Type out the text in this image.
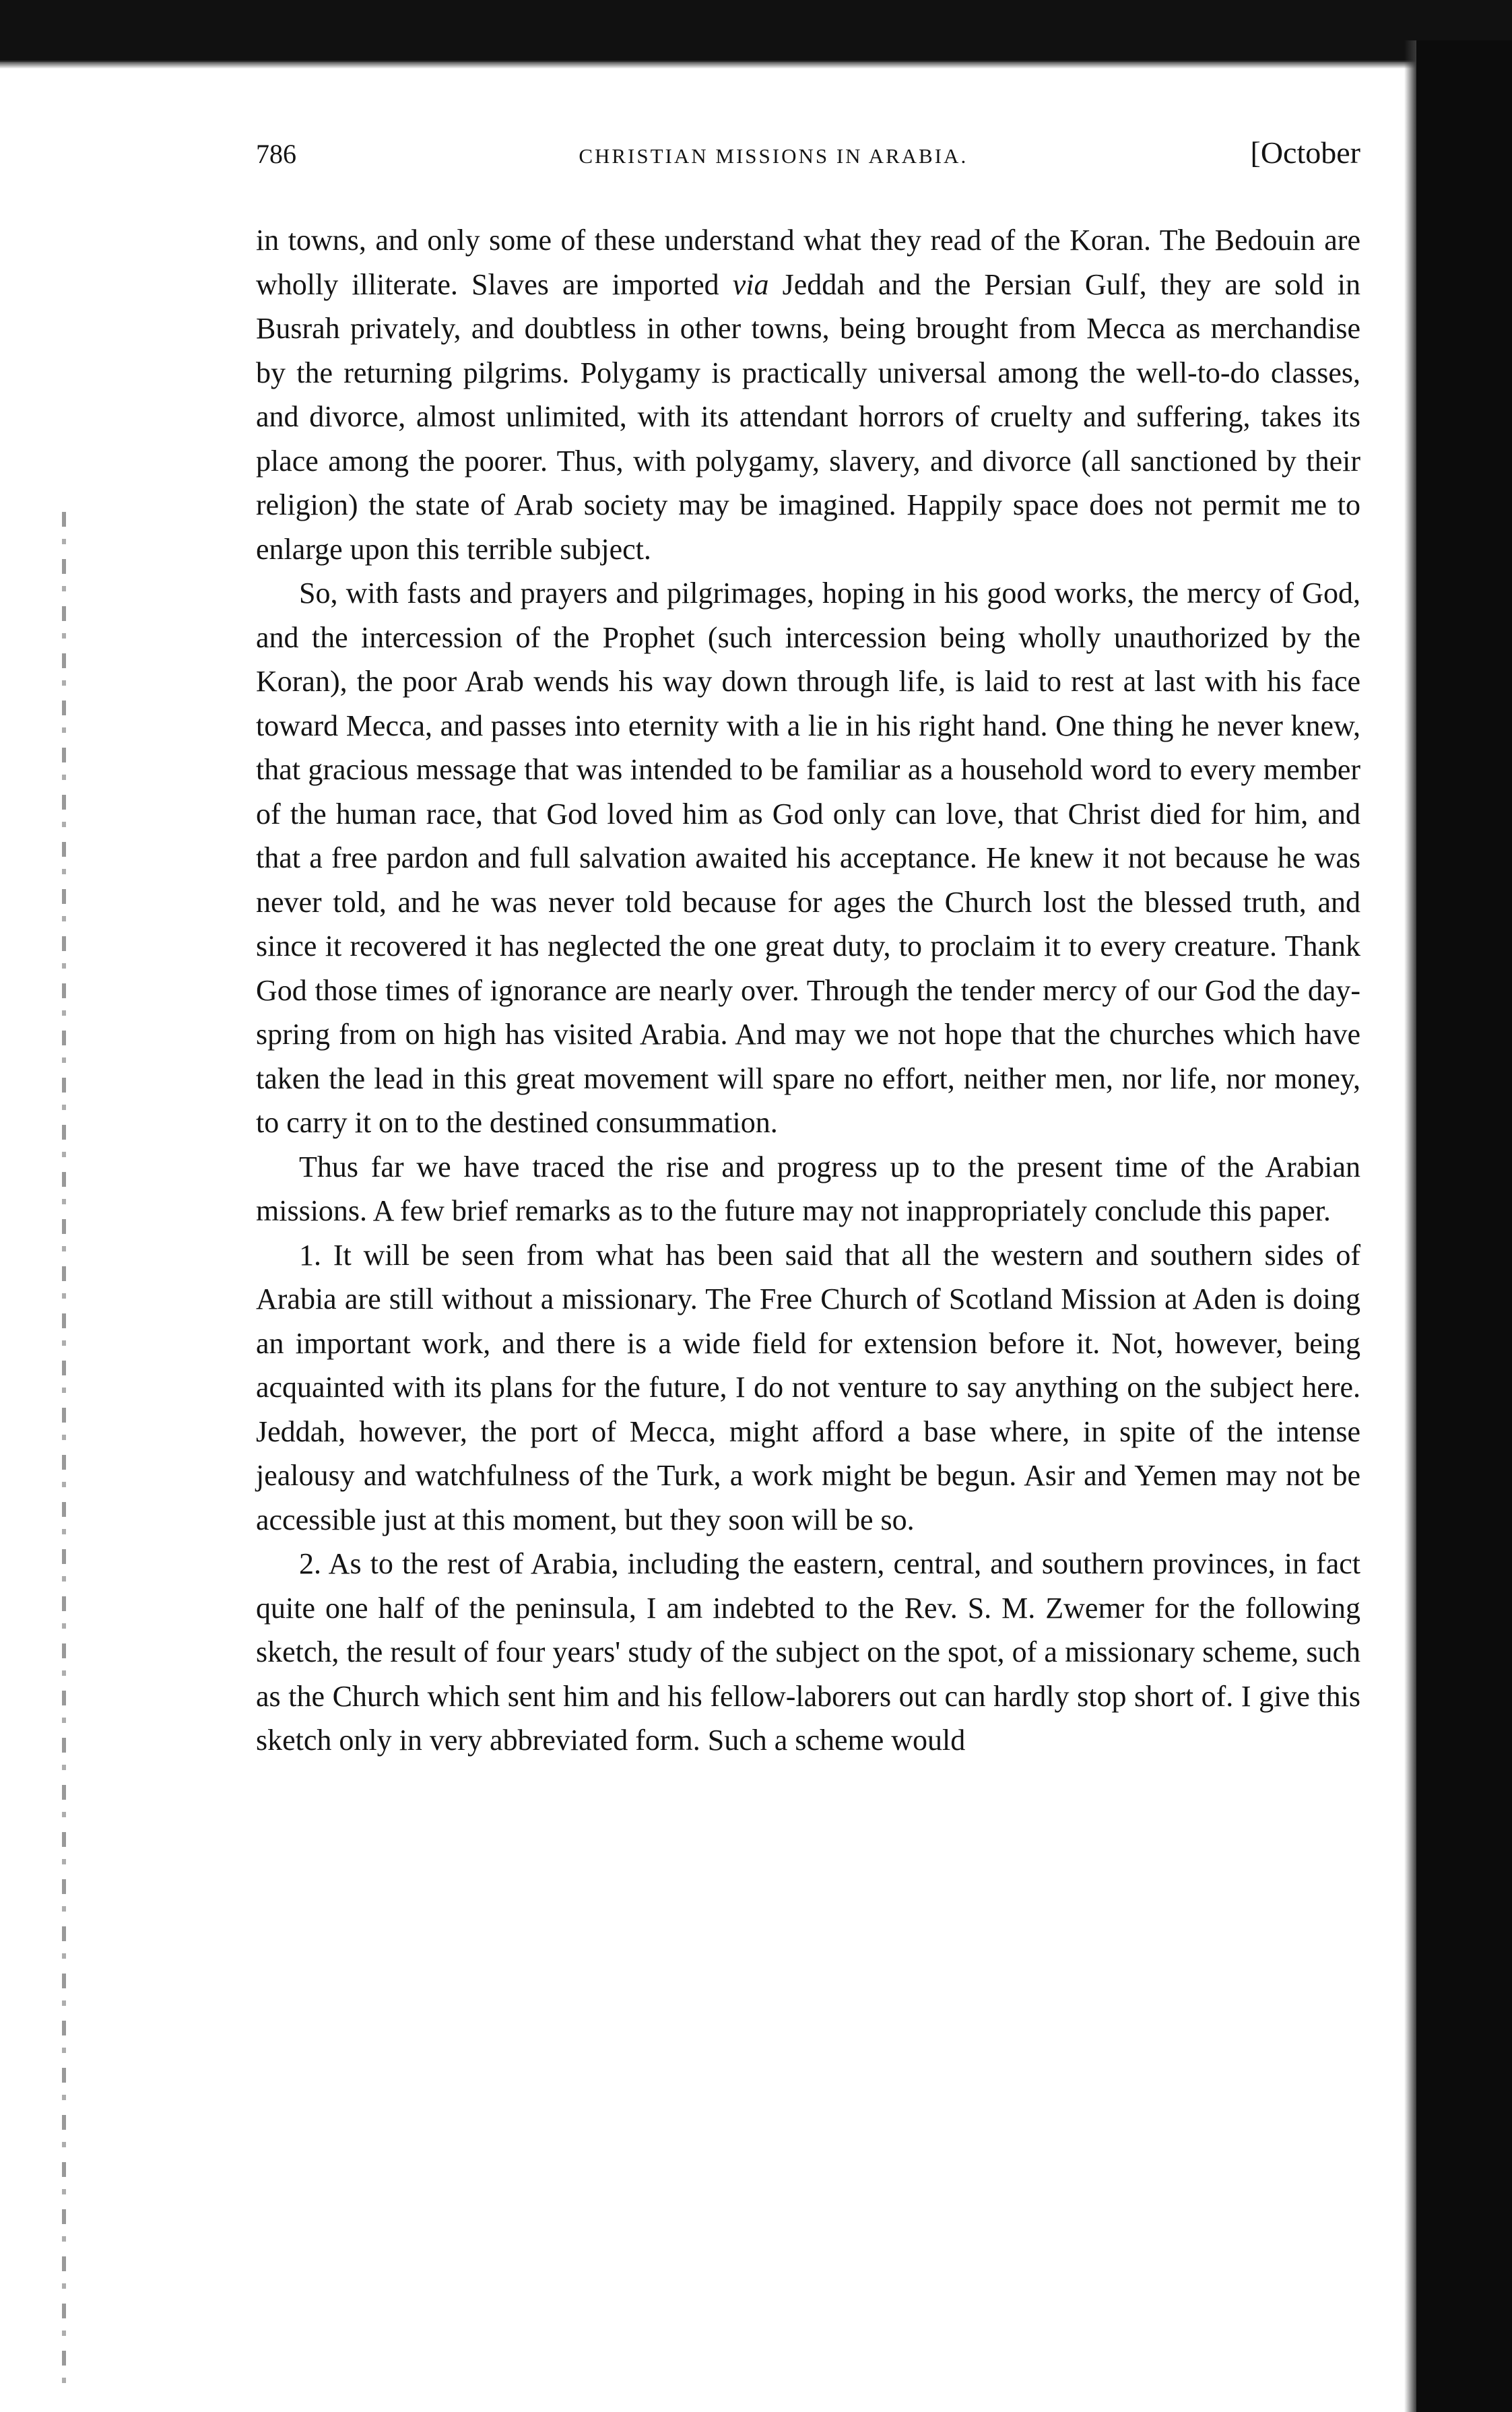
786	CHRISTIAN MISSIONS IN ARABIA.	[October

in towns, and only some of these understand what they read of the Koran. The Bedouin are wholly illiterate. Slaves are imported via Jeddah and the Persian Gulf, they are sold in Busrah privately, and doubtless in other towns, being brought from Mecca as merchandise by the returning pilgrims. Polygamy is practically universal among the well-to-do classes, and divorce, almost unlimited, with its attendant horrors of cruelty and suffering, takes its place among the poorer. Thus, with polygamy, slavery, and divorce (all sanctioned by their religion) the state of Arab society may be imagined. Happily space does not permit me to enlarge upon this terrible subject.

So, with fasts and prayers and pilgrimages, hoping in his good works, the mercy of God, and the intercession of the Prophet (such intercession being wholly unauthorized by the Koran), the poor Arab wends his way down through life, is laid to rest at last with his face toward Mecca, and passes into eternity with a lie in his right hand. One thing he never knew, that gracious message that was intended to be familiar as a household word to every member of the human race, that God loved him as God only can love, that Christ died for him, and that a free pardon and full salvation awaited his acceptance. He knew it not because he was never told, and he was never told because for ages the Church lost the blessed truth, and since it recovered it has neglected the one great duty, to proclaim it to every creature. Thank God those times of ignorance are nearly over. Through the tender mercy of our God the day-spring from on high has visited Arabia. And may we not hope that the churches which have taken the lead in this great movement will spare no effort, neither men, nor life, nor money, to carry it on to the destined consummation.

Thus far we have traced the rise and progress up to the present time of the Arabian missions. A few brief remarks as to the future may not inappropriately conclude this paper.

1. It will be seen from what has been said that all the western and southern sides of Arabia are still without a missionary. The Free Church of Scotland Mission at Aden is doing an important work, and there is a wide field for extension before it. Not, however, being acquainted with its plans for the future, I do not venture to say anything on the subject here. Jeddah, however, the port of Mecca, might afford a base where, in spite of the intense jealousy and watchfulness of the Turk, a work might be begun. Asir and Yemen may not be accessible just at this moment, but they soon will be so.

2. As to the rest of Arabia, including the eastern, central, and southern provinces, in fact quite one half of the peninsula, I am indebted to the Rev. S. M. Zwemer for the following sketch, the result of four years' study of the subject on the spot, of a missionary scheme, such as the Church which sent him and his fellow-laborers out can hardly stop short of. I give this sketch only in very abbreviated form. Such a scheme would
